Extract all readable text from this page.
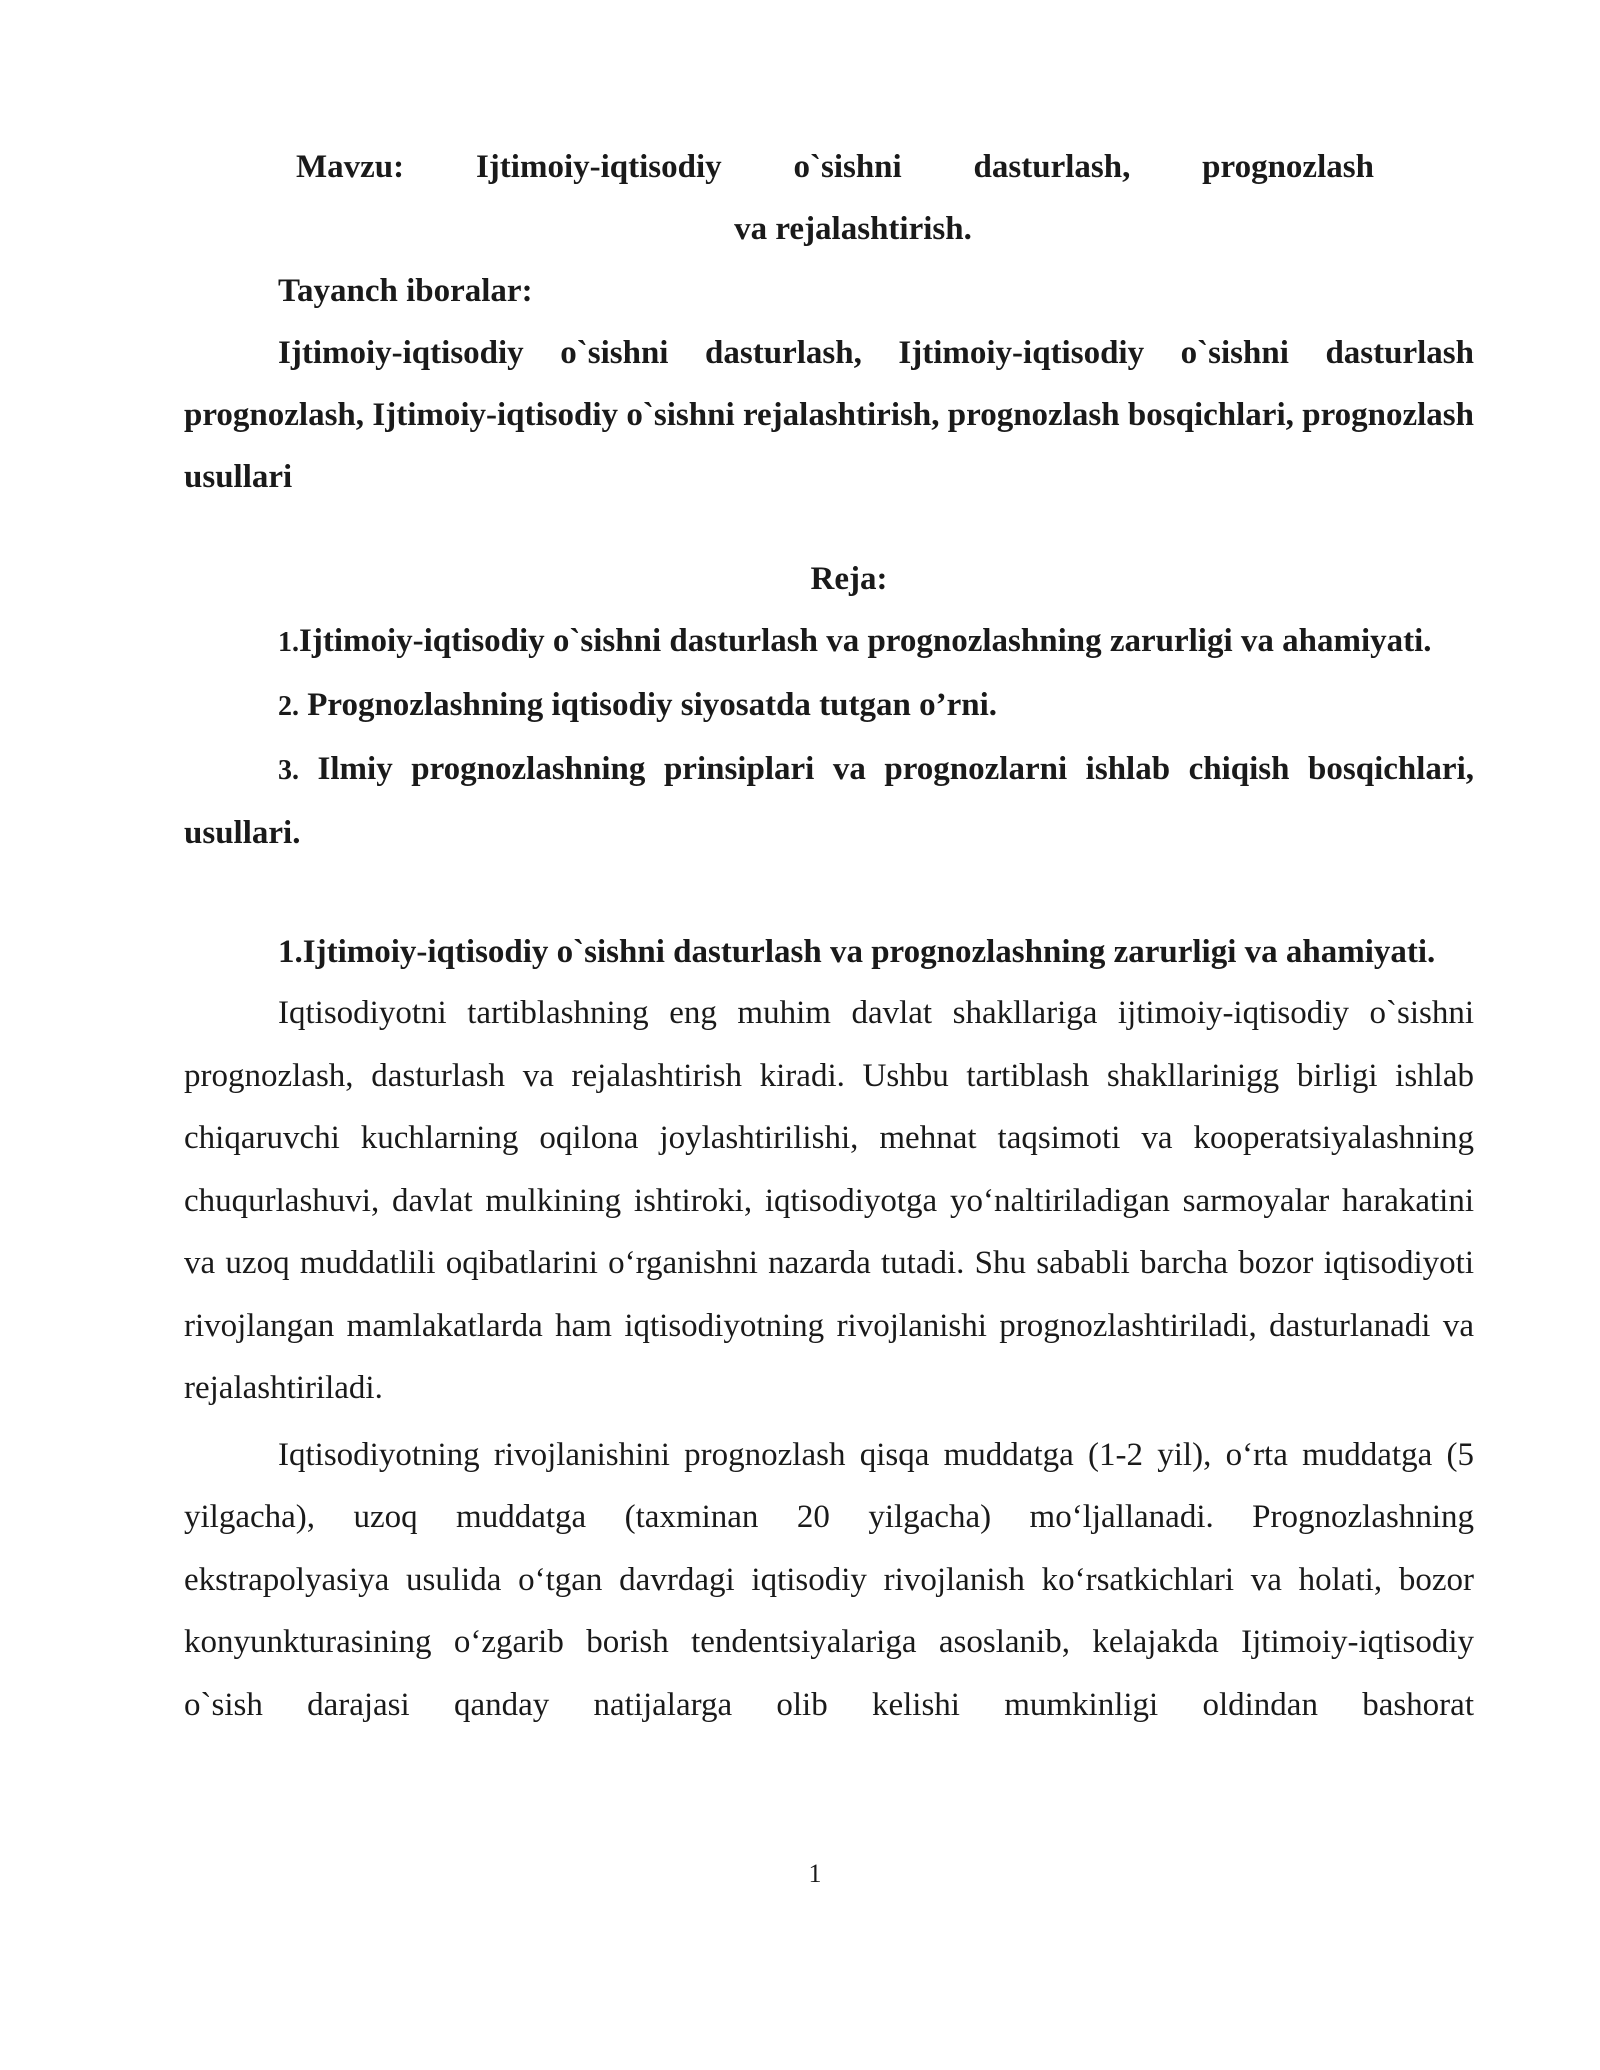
Mavzu: Ijtimoiy-iqtisodiy o`sishni dasturlash, prognozlash

va rejalashtirish.

Tayanch iboralar:

Ijtimoiy-iqtisodiy o`sishni dasturlash, Ijtimoiy-iqtisodiy o`sishni dasturlash prognozlash, Ijtimoiy-iqtisodiy o`sishni rejalashtirish, prognozlash bosqichlari, prognozlash usullari

Reja:

1.Ijtimoiy-iqtisodiy o`sishni dasturlash va prognozlashning zarurligi va ahamiyati.

2. Prognozlashning iqtisodiy siyosatda tutgan o’rni.

3. Ilmiy prognozlashning prinsiplari va prognozlarni ishlab chiqish bosqichlari, usullari.

1.Ijtimoiy-iqtisodiy o`sishni dasturlash va prognozlashning zarurligi va ahamiyati.

Iqtisodiyotni tartiblashning eng muhim davlat shakllariga ijtimoiy-iqtisodiy o`sishni prognozlash, dasturlash va rejalashtirish kiradi. Ushbu tartiblash shakllarinigg birligi ishlab chiqaruvchi kuchlarning oqilona joylashtirilishi, mehnat taqsimoti va kooperatsiyalashning chuqurlashuvi, davlat mulkining ishtiroki, iqtisodiyotga yo‘naltiriladigan sarmoyalar harakatini va uzoq muddatlili oqibatlarini o‘rganishni nazarda tutadi. Shu sababli barcha bozor iqtisodiyoti rivojlangan mamlakatlarda ham iqtisodiyotning rivojlanishi prognozlashtiriladi, dasturlanadi va rejalashtiriladi.

Iqtisodiyotning rivojlanishini prognozlash qisqa muddatga (1-2 yil), o‘rta muddatga (5 yilgacha), uzoq muddatga (taxminan 20 yilgacha) mo‘ljallanadi. Prognozlashning ekstrapolyasiya usulida o‘tgan davrdagi iqtisodiy rivojlanish ko‘rsatkichlari va holati, bozor konyunkturasining o‘zgarib borish tendentsiyalariga asoslanib, kelajakda Ijtimoiy-iqtisodiy o`sish darajasi qanday natijalarga olib kelishi mumkinligi oldindan bashorat

1
